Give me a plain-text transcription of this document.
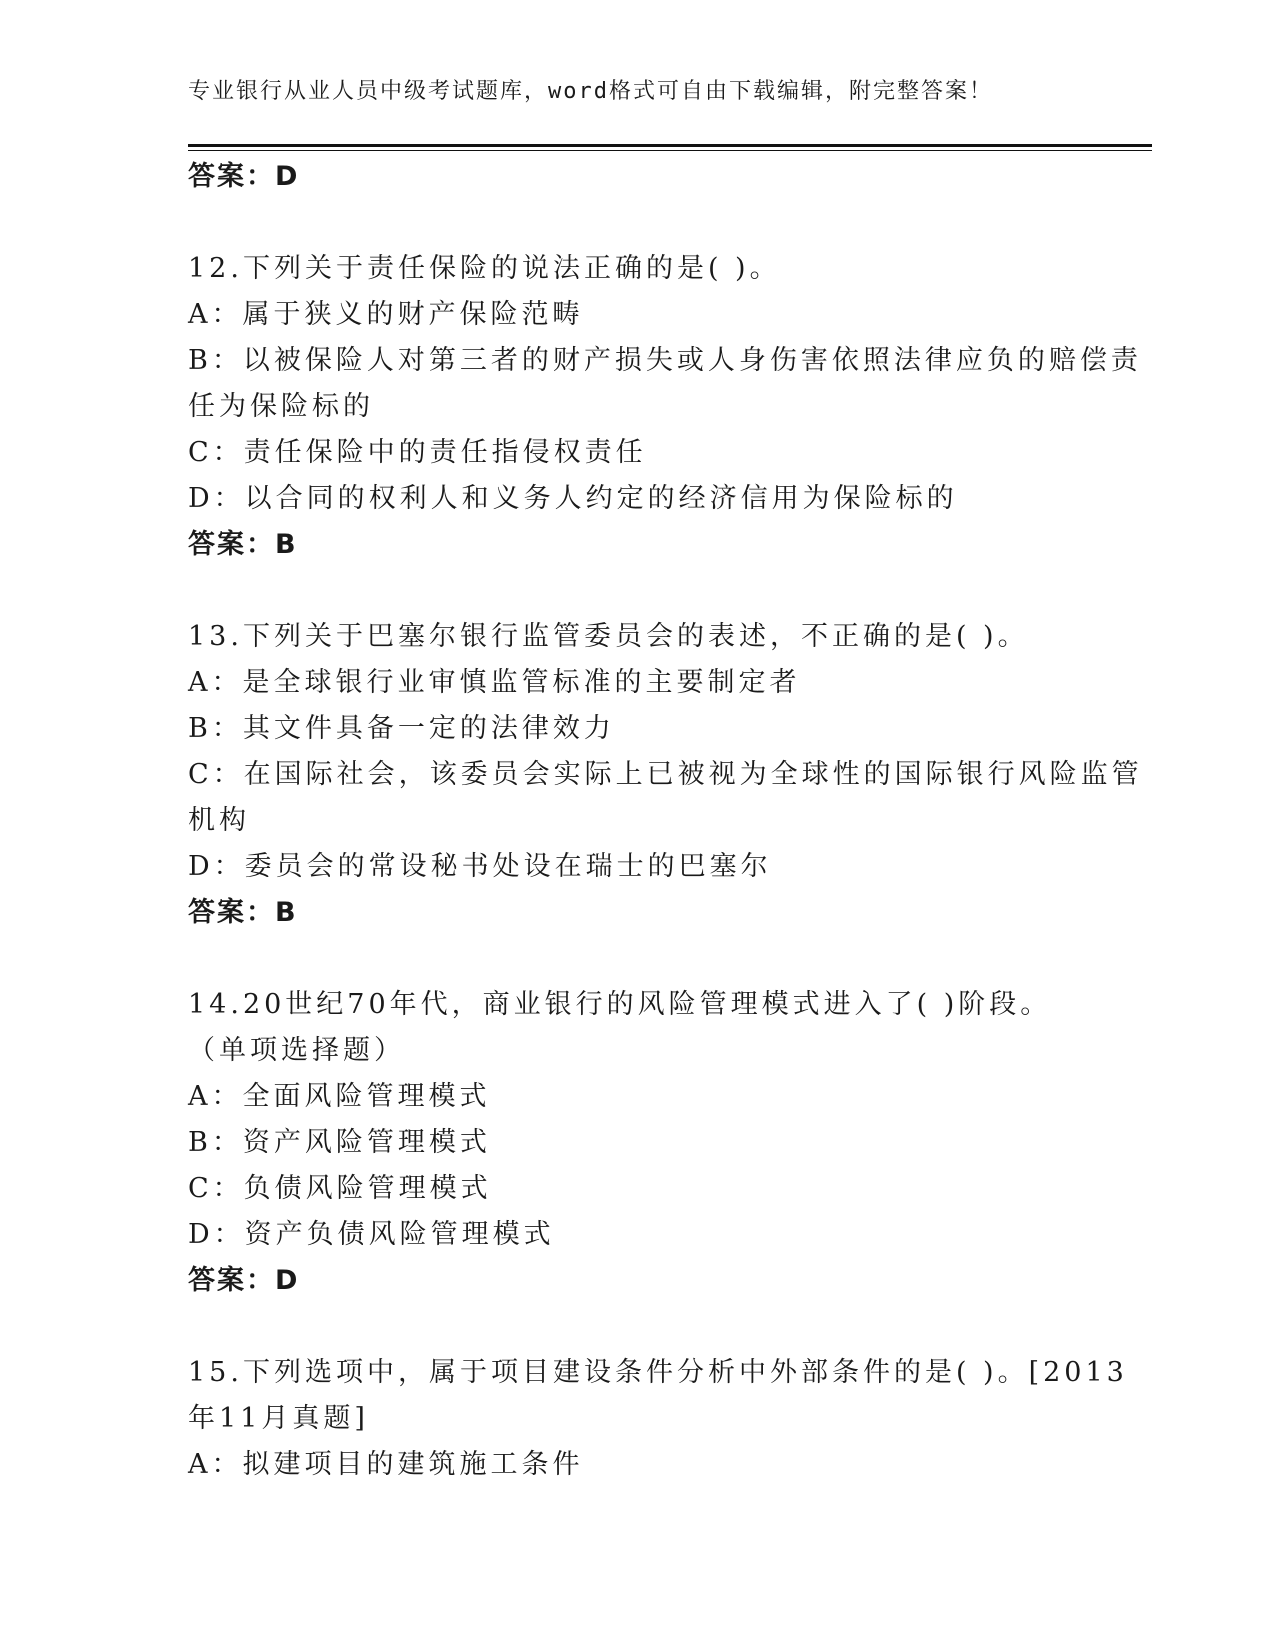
专业银行从业人员中级考试题库，word格式可自由下载编辑，附完整答案！
答案：D
12.下列关于责任保险的说法正确的是( )。
A：属于狭义的财产保险范畴
B：以被保险人对第三者的财产损失或人身伤害依照法律应负的赔偿责
任为保险标的
C：责任保险中的责任指侵权责任
D：以合同的权利人和义务人约定的经济信用为保险标的
答案：B
13.下列关于巴塞尔银行监管委员会的表述，不正确的是( )。
A：是全球银行业审慎监管标准的主要制定者
B：其文件具备一定的法律效力
C：在国际社会，该委员会实际上已被视为全球性的国际银行风险监管
机构
D：委员会的常设秘书处设在瑞士的巴塞尔
答案：B
14.20世纪70年代，商业银行的风险管理模式进入了( )阶段。
（单项选择题）
A：全面风险管理模式
B：资产风险管理模式
C：负债风险管理模式
D：资产负债风险管理模式
答案：D
15.下列选项中，属于项目建设条件分析中外部条件的是( )。[2013
年11月真题]
A：拟建项目的建筑施工条件
